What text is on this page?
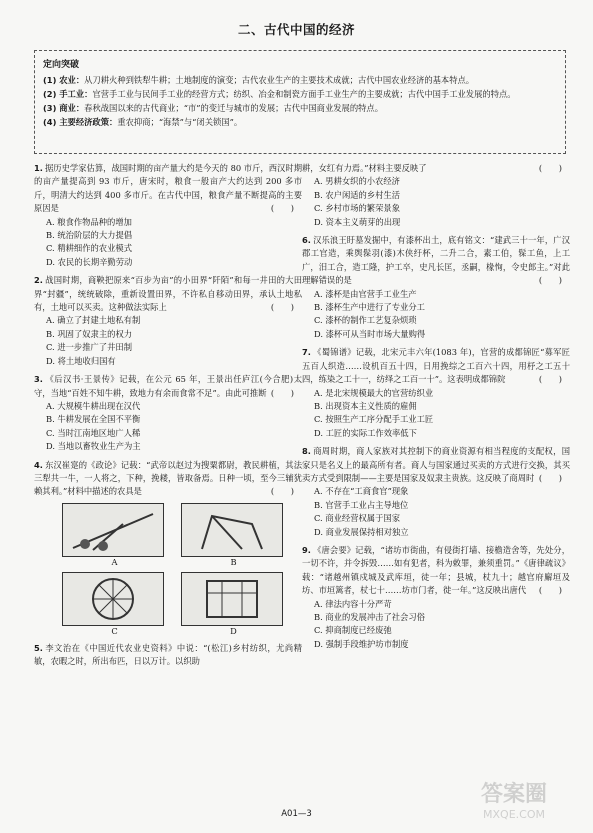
二、古代中国的经济
定向突破
(1) 农业：从刀耕火种到铁犁牛耕；土地制度的演变；古代农业生产的主要技术成就；古代中国农业经济的基本特点。
(2) 手工业：官营手工业与民间手工业的经营方式；纺织、冶金和制瓷方面手工业生产的主要成就；古代中国手工业发展的特点。
(3) 商业：春秋战国以来的古代商业；“市”的变迁与城市的发展；古代中国商业发展的特点。
(4) 主要经济政策：重农抑商；“海禁”与“闭关锁国”。
1. 据历史学家估算，战国时期的亩产量大约是今天的 80 市斤，西汉时期的亩产量提高到 93 市斤，唐宋时，粮食一般亩产大约达到 200 多市斤，明清大约达到 400 多市斤。在古代中国，粮食产量不断提高的主要原因是	(　　)
A. 粮食作物品种的增加
B. 统治阶层的大力提倡
C. 精耕细作的农业模式
D. 农民的长期辛勤劳动
2. 战国时期，商鞅把原来“百步为亩”的小田界“阡陌”和每一井田的大田界“封疆”，统统破除，重新设置田界，不许私自移动田界，承认土地私有，土地可以买卖。这种做法实际上	(　　)
A. 确立了封建土地私有制
B. 巩固了奴隶主的权力
C. 进一步推广了井田制
D. 将土地收归国有
3. 《后汉书·王景传》记载，在公元 65 年，王景出任庐江(今合肥)太守，当地“百姓不知牛耕，致地力有余而食常不足”。由此可推断 (　　)
A. 大规模牛耕出现在汉代
B. 牛耕发展在全国不平衡
C. 当时江南地区地广人稀
D. 当地以畜牧业生产为主
4. 东汉崔寔的《政论》记载：“武帝以赵过为搜粟都尉，教民耕植，其法三犁共一牛，一人将之，下种，挽耧，皆取备焉。日种一顷，至今三辅犹赖其利。”材料中描述的农具是	(　　)
A	B
C	D
5. 李文治在《中国近代农业史资料》中说：“(松江)乡村纺织，尤尚精敏，农暇之时，所出布匹，日以万计。以织助
耕，女红有力焉。”材料主要反映了	(　　)
A. 男耕女织的小农经济
B. 农户闲适的乡村生活
C. 乡村市场的繁荣景象
D. 资本主义萌芽的出现
6. 汉乐浪王盱墓发掘中，有漆杯出土，底有铭文：“建武三十一年，广汉郡工官造，乘舆髹羽(漆)木侠纡杯，二升二合，素工伯，髹工鱼，上工广，汨工合，造工隆，护工卒，史凡长匡，丞嗣，椽恂，令史郎主。”对此理解错误的是	(　　)
A. 漆杯是由官营手工业生产
B. 漆杯生产中进行了专业分工
C. 漆杯的制作工艺复杂烦琐
D. 漆杯可从当时市场大量购得
7. 《蜀锦谱》记载，北宋元丰六年(1083 年)，官营的成都锦匠“募军匠五百人织造……设机百五十四，日用挽综之工百六十四，用杼之工五十四，练染之工十一，纺绎之工百一十”。这表明成都锦院	(　　)
A. 是北宋规模最大的官营纺织业
B. 出现资本主义性质的雇佣
C. 按照生产工序分配手工业工匠
D. 工匠的实际工作效率低下
8. 商周时期，商人家族对其控制下的商业资源有相当程度的支配权，国家只是名义上的最高所有者。商人与国家通过买卖的方式进行交换，其买卖方式受到限制——主要是国家及奴隶主贵族。这反映了商周时 (　　)
A. 不存在“工商食官”现象
B. 官营手工业占主导地位
C. 商业经营权属于国家
D. 商业发展保持相对独立
9. 《唐会要》记载，“诸坊市街曲，有侵街打墙、接檐造舍等，先处分，一切不许，并令拆毁……如有犯者，科为敕罪，兼须重罚。”《唐律疏议》载：“诸越州镇戍城及武库垣，徒一年；县城，杖九十；越官府廨垣及坊、市垣篱者，杖七十……坊市门者，徙一年。”这反映出唐代 (　　)
A. 律法内容十分严苛
B. 商业的发展冲击了社会习俗
C. 抑商制度已经废弛
D. 强制手段维护坊市制度
A01—3
答案圈
MXQE.COM
